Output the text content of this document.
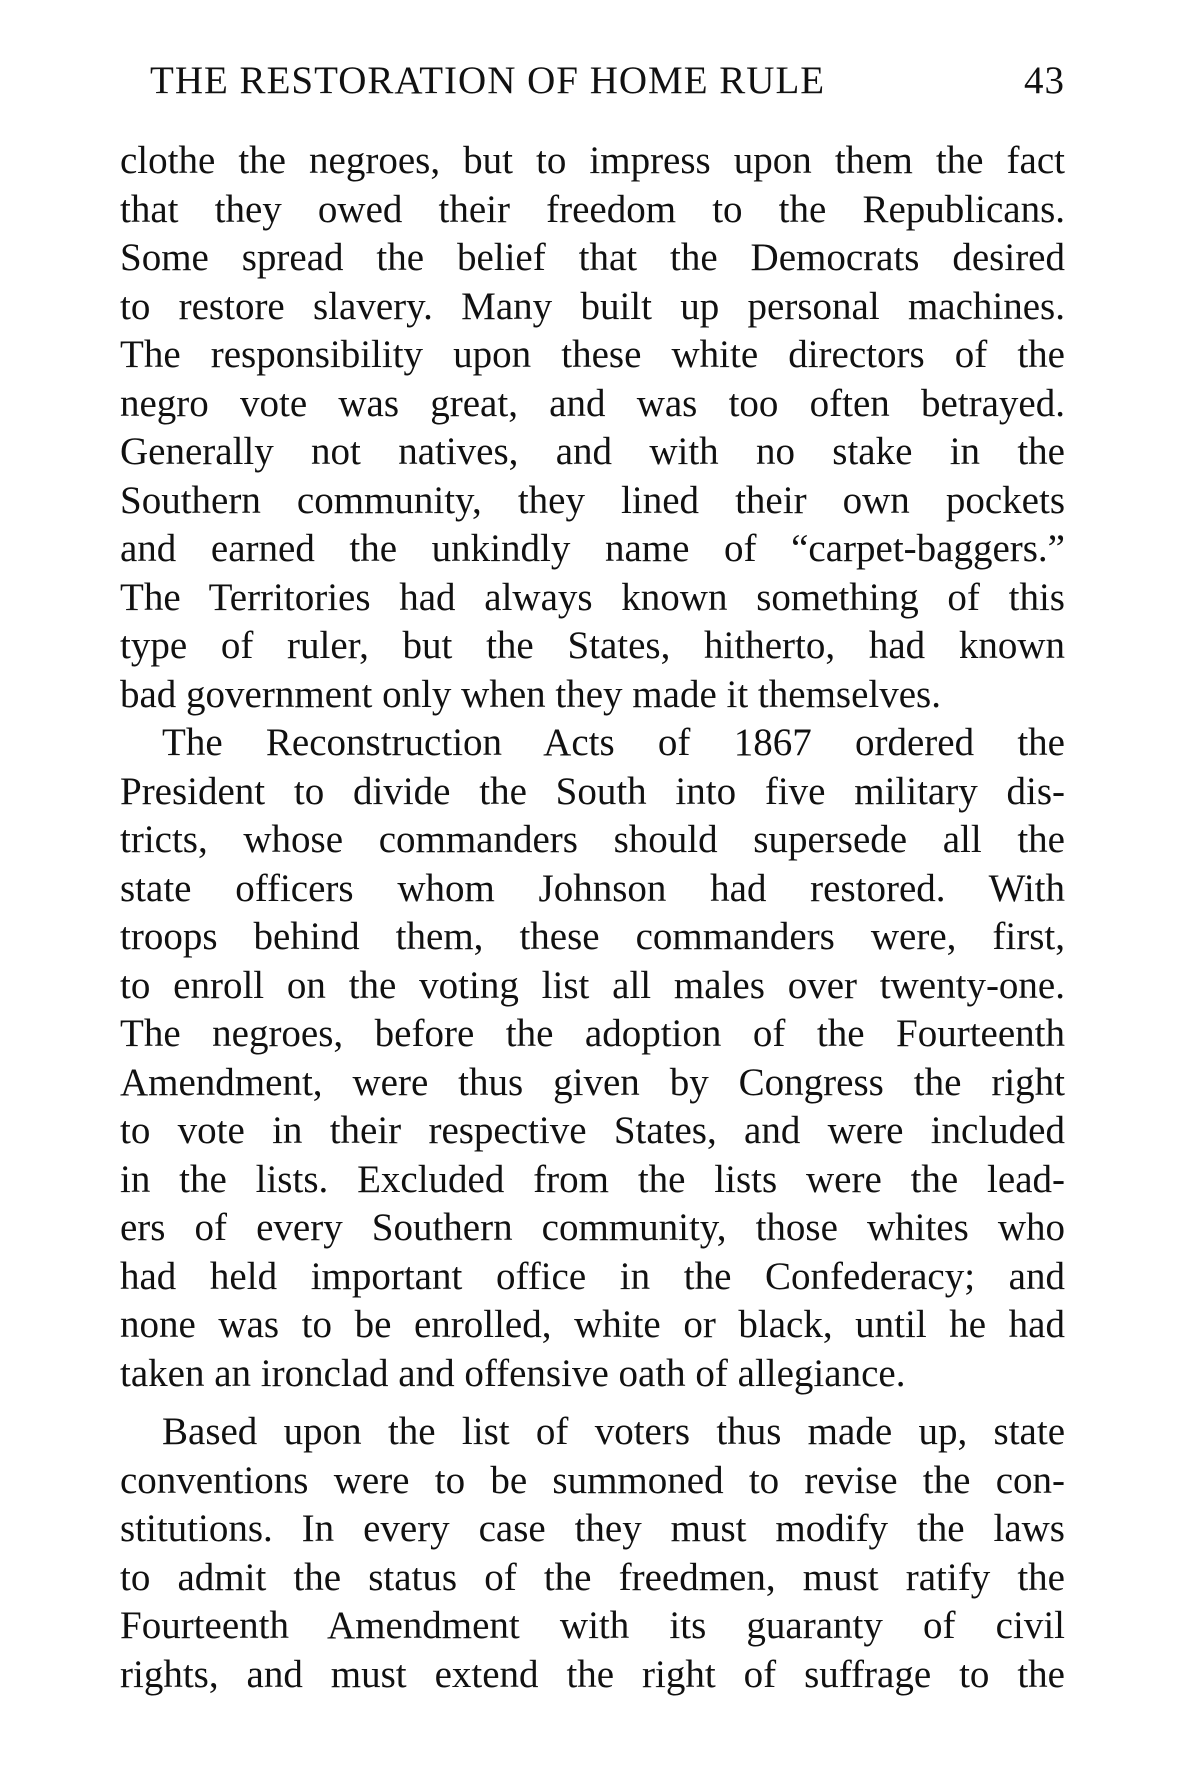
THE RESTORATION OF HOME RULE	43
clothe the negroes, but to impress upon them the fact
that they owed their freedom to the Republicans.
Some spread the belief that the Democrats desired
to restore slavery. Many built up personal machines.
The responsibility upon these white directors of the
negro vote was great, and was too often betrayed.
Generally not natives, and with no stake in the
Southern community, they lined their own pockets
and earned the unkindly name of “carpet-baggers.”
The Territories had always known something of this
type of ruler, but the States, hitherto, had known
bad government only when they made it themselves.
The Reconstruction Acts of 1867 ordered the
President to divide the South into five military dis-
tricts, whose commanders should supersede all the
state officers whom Johnson had restored. With
troops behind them, these commanders were, first,
to enroll on the voting list all males over twenty-one.
The negroes, before the adoption of the Fourteenth
Amendment, were thus given by Congress the right
to vote in their respective States, and were included
in the lists. Excluded from the lists were the lead-
ers of every Southern community, those whites who
had held important office in the Confederacy; and
none was to be enrolled, white or black, until he had
taken an ironclad and offensive oath of allegiance.
Based upon the list of voters thus made up, state
conventions were to be summoned to revise the con-
stitutions. In every case they must modify the laws
to admit the status of the freedmen, must ratify the
Fourteenth Amendment with its guaranty of civil
rights, and must extend the right of suffrage to the
